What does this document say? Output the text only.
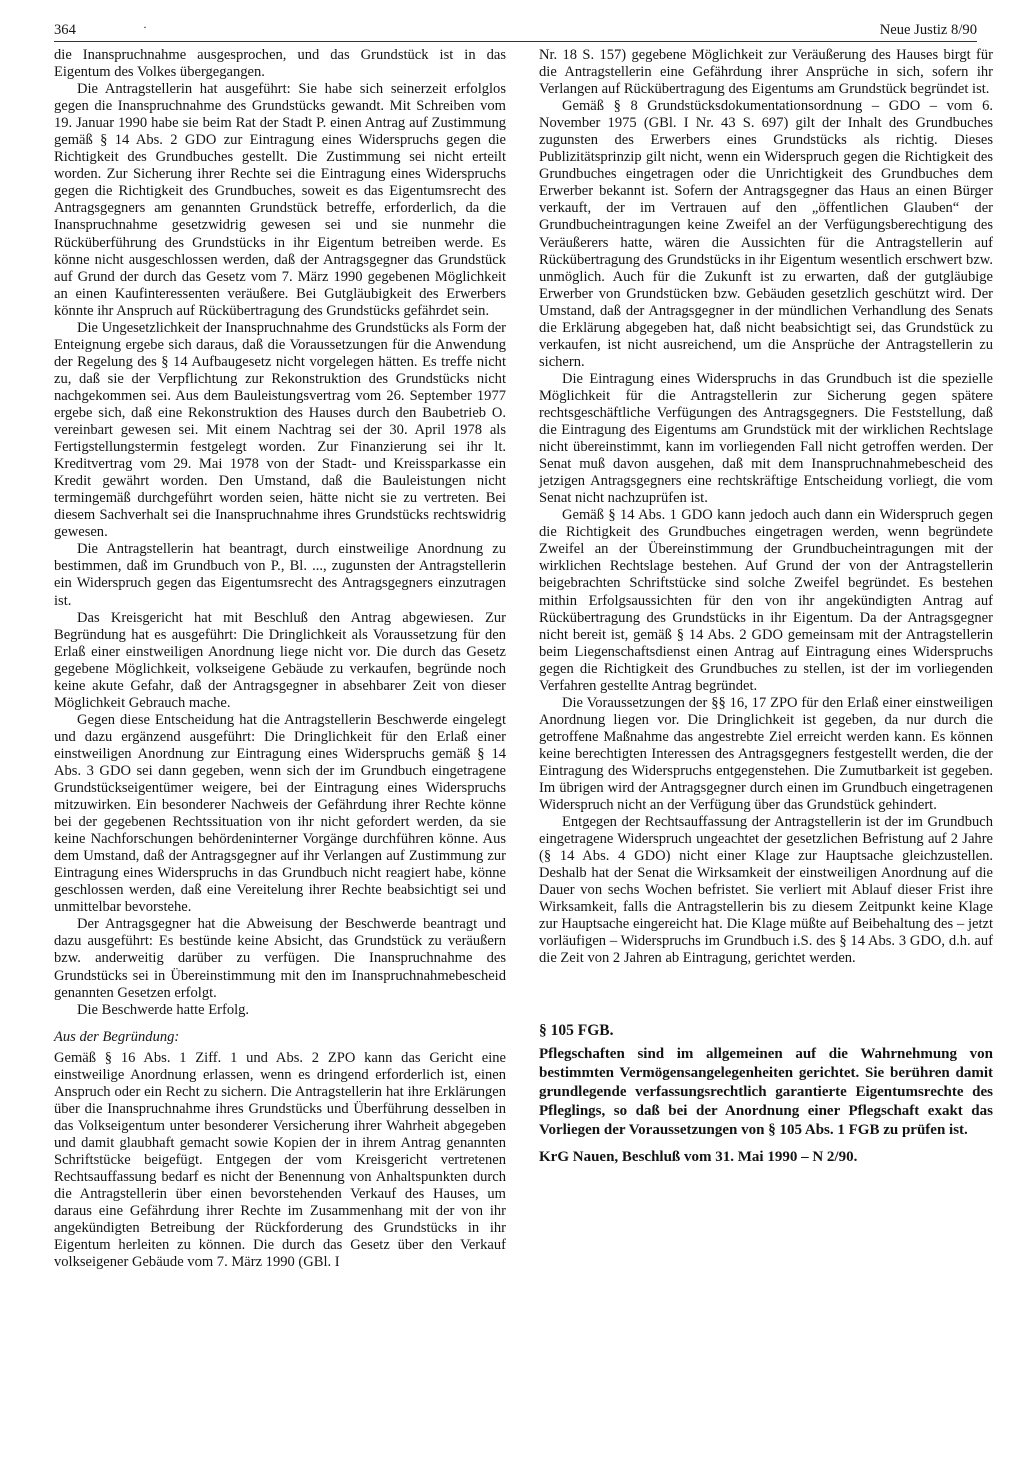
364	·	Neue Justiz 8/90

die Inanspruchnahme ausgesprochen, und das Grundstück ist in das Eigentum des Volkes übergegangen.

Die Antragstellerin hat ausgeführt: Sie habe sich seinerzeit erfolglos gegen die Inanspruchnahme des Grundstücks gewandt. Mit Schreiben vom 19. Januar 1990 habe sie beim Rat der Stadt P. einen Antrag auf Zustimmung gemäß § 14 Abs. 2 GDO zur Eintragung eines Widerspruchs gegen die Richtigkeit des Grundbuches gestellt. Die Zustimmung sei nicht erteilt worden. Zur Sicherung ihrer Rechte sei die Eintragung eines Widerspruchs gegen die Richtigkeit des Grundbuches, soweit es das Eigentumsrecht des Antragsgegners am genannten Grundstück betreffe, erforderlich, da die Inanspruchnahme gesetzwidrig gewesen sei und sie nunmehr die Rücküberführung des Grundstücks in ihr Eigentum betreiben werde. Es könne nicht ausgeschlossen werden, daß der Antragsgegner das Grundstück auf Grund der durch das Gesetz vom 7. März 1990 gegebenen Möglichkeit an einen Kaufinteressenten veräußere. Bei Gutgläubigkeit des Erwerbers könnte ihr Anspruch auf Rückübertragung des Grundstücks gefährdet sein.

Die Ungesetzlichkeit der Inanspruchnahme des Grundstücks als Form der Enteignung ergebe sich daraus, daß die Voraussetzungen für die Anwendung der Regelung des § 14 Aufbaugesetz nicht vorgelegen hätten. Es treffe nicht zu, daß sie der Verpflichtung zur Rekonstruktion des Grundstücks nicht nachgekommen sei. Aus dem Bauleistungsvertrag vom 26. September 1977 ergebe sich, daß eine Rekonstruktion des Hauses durch den Baubetrieb O. vereinbart gewesen sei. Mit einem Nachtrag sei der 30. April 1978 als Fertigstellungstermin festgelegt worden. Zur Finanzierung sei ihr lt. Kreditvertrag vom 29. Mai 1978 von der Stadt- und Kreissparkasse ein Kredit gewährt worden. Den Umstand, daß die Bauleistungen nicht termingemäß durchgeführt worden seien, hätte nicht sie zu vertreten. Bei diesem Sachverhalt sei die Inanspruchnahme ihres Grundstücks rechtswidrig gewesen.

Die Antragstellerin hat beantragt, durch einstweilige Anordnung zu bestimmen, daß im Grundbuch von P., Bl. ..., zugunsten der Antragstellerin ein Widerspruch gegen das Eigentumsrecht des Antragsgegners einzutragen ist.

Das Kreisgericht hat mit Beschluß den Antrag abgewiesen. Zur Begründung hat es ausgeführt: Die Dringlichkeit als Voraussetzung für den Erlaß einer einstweiligen Anordnung liege nicht vor. Die durch das Gesetz gegebene Möglichkeit, volkseigene Gebäude zu verkaufen, begründe noch keine akute Gefahr, daß der Antragsgegner in absehbarer Zeit von dieser Möglichkeit Gebrauch mache.

Gegen diese Entscheidung hat die Antragstellerin Beschwerde eingelegt und dazu ergänzend ausgeführt: Die Dringlichkeit für den Erlaß einer einstweiligen Anordnung zur Eintragung eines Widerspruchs gemäß § 14 Abs. 3 GDO sei dann gegeben, wenn sich der im Grundbuch eingetragene Grundstückseigentümer weigere, bei der Eintragung eines Widerspruchs mitzuwirken. Ein besonderer Nachweis der Gefährdung ihrer Rechte könne bei der gegebenen Rechtssituation von ihr nicht gefordert werden, da sie keine Nachforschungen behördeninterner Vorgänge durchführen könne. Aus dem Umstand, daß der Antragsgegner auf ihr Verlangen auf Zustimmung zur Eintragung eines Widerspruchs in das Grundbuch nicht reagiert habe, könne geschlossen werden, daß eine Vereitelung ihrer Rechte beabsichtigt sei und unmittelbar bevorstehe.

Der Antragsgegner hat die Abweisung der Beschwerde beantragt und dazu ausgeführt: Es bestünde keine Absicht, das Grundstück zu veräußern bzw. anderweitig darüber zu verfügen. Die Inanspruchnahme des Grundstücks sei in Übereinstimmung mit den im Inanspruchnahmebescheid genannten Gesetzen erfolgt.

Die Beschwerde hatte Erfolg.

Aus der Begründung:

Gemäß § 16 Abs. 1 Ziff. 1 und Abs. 2 ZPO kann das Gericht eine einstweilige Anordnung erlassen, wenn es dringend erforderlich ist, einen Anspruch oder ein Recht zu sichern. Die Antragstellerin hat ihre Erklärungen über die Inanspruchnahme ihres Grundstücks und Überführung desselben in das Volkseigentum unter besonderer Versicherung ihrer Wahrheit abgegeben und damit glaubhaft gemacht sowie Kopien der in ihrem Antrag genannten Schriftstücke beigefügt. Entgegen der vom Kreisgericht vertretenen Rechtsauffassung bedarf es nicht der Benennung von Anhaltspunkten durch die Antragstellerin über einen bevorstehenden Verkauf des Hauses, um daraus eine Gefährdung ihrer Rechte im Zusammenhang mit der von ihr angekündigten Betreibung der Rückforderung des Grundstücks in ihr Eigentum herleiten zu können. Die durch das Gesetz über den Verkauf volkseigener Gebäude vom 7. März 1990 (GBl. I

Nr. 18 S. 157) gegebene Möglichkeit zur Veräußerung des Hauses birgt für die Antragstellerin eine Gefährdung ihrer Ansprüche in sich, sofern ihr Verlangen auf Rückübertragung des Eigentums am Grundstück begründet ist.

Gemäß § 8 Grundstücksdokumentationsordnung – GDO – vom 6. November 1975 (GBl. I Nr. 43 S. 697) gilt der Inhalt des Grundbuches zugunsten des Erwerbers eines Grundstücks als richtig. Dieses Publizitätsprinzip gilt nicht, wenn ein Widerspruch gegen die Richtigkeit des Grundbuches eingetragen oder die Unrichtigkeit des Grundbuches dem Erwerber bekannt ist. Sofern der Antragsgegner das Haus an einen Bürger verkauft, der im Vertrauen auf den „öffentlichen Glauben“ der Grundbucheintragungen keine Zweifel an der Verfügungsberechtigung des Veräußerers hatte, wären die Aussichten für die Antragstellerin auf Rückübertragung des Grundstücks in ihr Eigentum wesentlich erschwert bzw. unmöglich. Auch für die Zukunft ist zu erwarten, daß der gutgläubige Erwerber von Grundstücken bzw. Gebäuden gesetzlich geschützt wird. Der Umstand, daß der Antragsgegner in der mündlichen Verhandlung des Senats die Erklärung abgegeben hat, daß nicht beabsichtigt sei, das Grundstück zu verkaufen, ist nicht ausreichend, um die Ansprüche der Antragstellerin zu sichern.

Die Eintragung eines Widerspruchs in das Grundbuch ist die spezielle Möglichkeit für die Antragstellerin zur Sicherung gegen spätere rechtsgeschäftliche Verfügungen des Antragsgegners. Die Feststellung, daß die Eintragung des Eigentums am Grundstück mit der wirklichen Rechtslage nicht übereinstimmt, kann im vorliegenden Fall nicht getroffen werden. Der Senat muß davon ausgehen, daß mit dem Inanspruchnahmebescheid des jetzigen Antragsgegners eine rechtskräftige Entscheidung vorliegt, die vom Senat nicht nachzuprüfen ist.

Gemäß § 14 Abs. 1 GDO kann jedoch auch dann ein Widerspruch gegen die Richtigkeit des Grundbuches eingetragen werden, wenn begründete Zweifel an der Übereinstimmung der Grundbucheintragungen mit der wirklichen Rechtslage bestehen. Auf Grund der von der Antragstellerin beigebrachten Schriftstücke sind solche Zweifel begründet. Es bestehen mithin Erfolgsaussichten für den von ihr angekündigten Antrag auf Rückübertragung des Grundstücks in ihr Eigentum. Da der Antragsgegner nicht bereit ist, gemäß § 14 Abs. 2 GDO gemeinsam mit der Antragstellerin beim Liegenschaftsdienst einen Antrag auf Eintragung eines Widerspruchs gegen die Richtigkeit des Grundbuches zu stellen, ist der im vorliegenden Verfahren gestellte Antrag begründet.

Die Voraussetzungen der §§ 16, 17 ZPO für den Erlaß einer einstweiligen Anordnung liegen vor. Die Dringlichkeit ist gegeben, da nur durch die getroffene Maßnahme das angestrebte Ziel erreicht werden kann. Es können keine berechtigten Interessen des Antragsgegners festgestellt werden, die der Eintragung des Widerspruchs entgegenstehen. Die Zumutbarkeit ist gegeben. Im übrigen wird der Antragsgegner durch einen im Grundbuch eingetragenen Widerspruch nicht an der Verfügung über das Grundstück gehindert.

Entgegen der Rechtsauffassung der Antragstellerin ist der im Grundbuch eingetragene Widerspruch ungeachtet der gesetzlichen Befristung auf 2 Jahre (§ 14 Abs. 4 GDO) nicht einer Klage zur Hauptsache gleichzustellen. Deshalb hat der Senat die Wirksamkeit der einstweiligen Anordnung auf die Dauer von sechs Wochen befristet. Sie verliert mit Ablauf dieser Frist ihre Wirksamkeit, falls die Antragstellerin bis zu diesem Zeitpunkt keine Klage zur Hauptsache eingereicht hat. Die Klage müßte auf Beibehaltung des – jetzt vorläufigen – Widerspruchs im Grundbuch i.S. des § 14 Abs. 3 GDO, d.h. auf die Zeit von 2 Jahren ab Eintragung, gerichtet werden.

§ 105 FGB.

Pflegschaften sind im allgemeinen auf die Wahrnehmung von bestimmten Vermögensangelegenheiten gerichtet. Sie berühren damit grundlegende verfassungsrechtlich garantierte Eigentumsrechte des Pfleglings, so daß bei der Anordnung einer Pflegschaft exakt das Vorliegen der Voraussetzungen von § 105 Abs. 1 FGB zu prüfen ist.

KrG Nauen, Beschluß vom 31. Mai 1990 – N 2/90.
